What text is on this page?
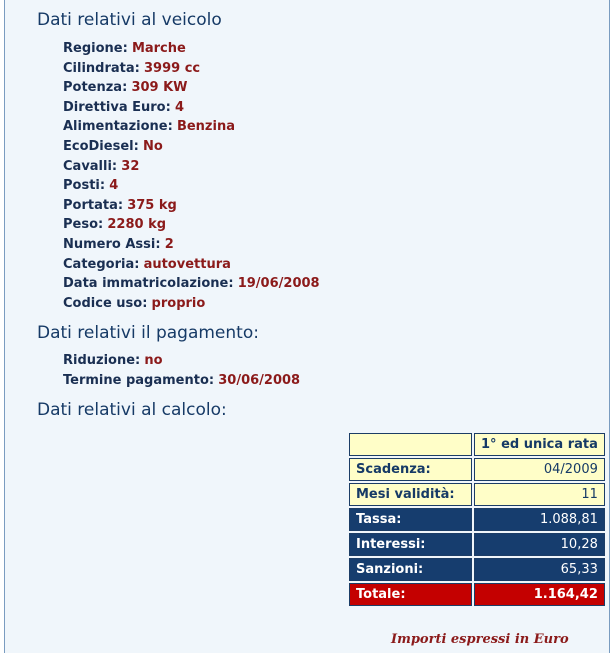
Dati relativi al veicolo
Regione: Marche
Cilindrata: 3999 cc
Potenza: 309 KW
Direttiva Euro: 4
Alimentazione: Benzina
EcoDiesel: No
Cavalli: 32
Posti: 4
Portata: 375 kg
Peso: 2280 kg
Numero Assi: 2
Categoria: autovettura
Data immatricolazione: 19/06/2008
Codice uso: proprio
Dati relativi il pagamento:
Riduzione: no
Termine pagamento: 30/06/2008
Dati relativi al calcolo:
	1° ed unica rata
Scadenza:	04/2009
Mesi validità:	11
Tassa:	1.088,81
Interessi:	10,28
Sanzioni:	65,33
Totale:	1.164,42
Importi espressi in Euro
